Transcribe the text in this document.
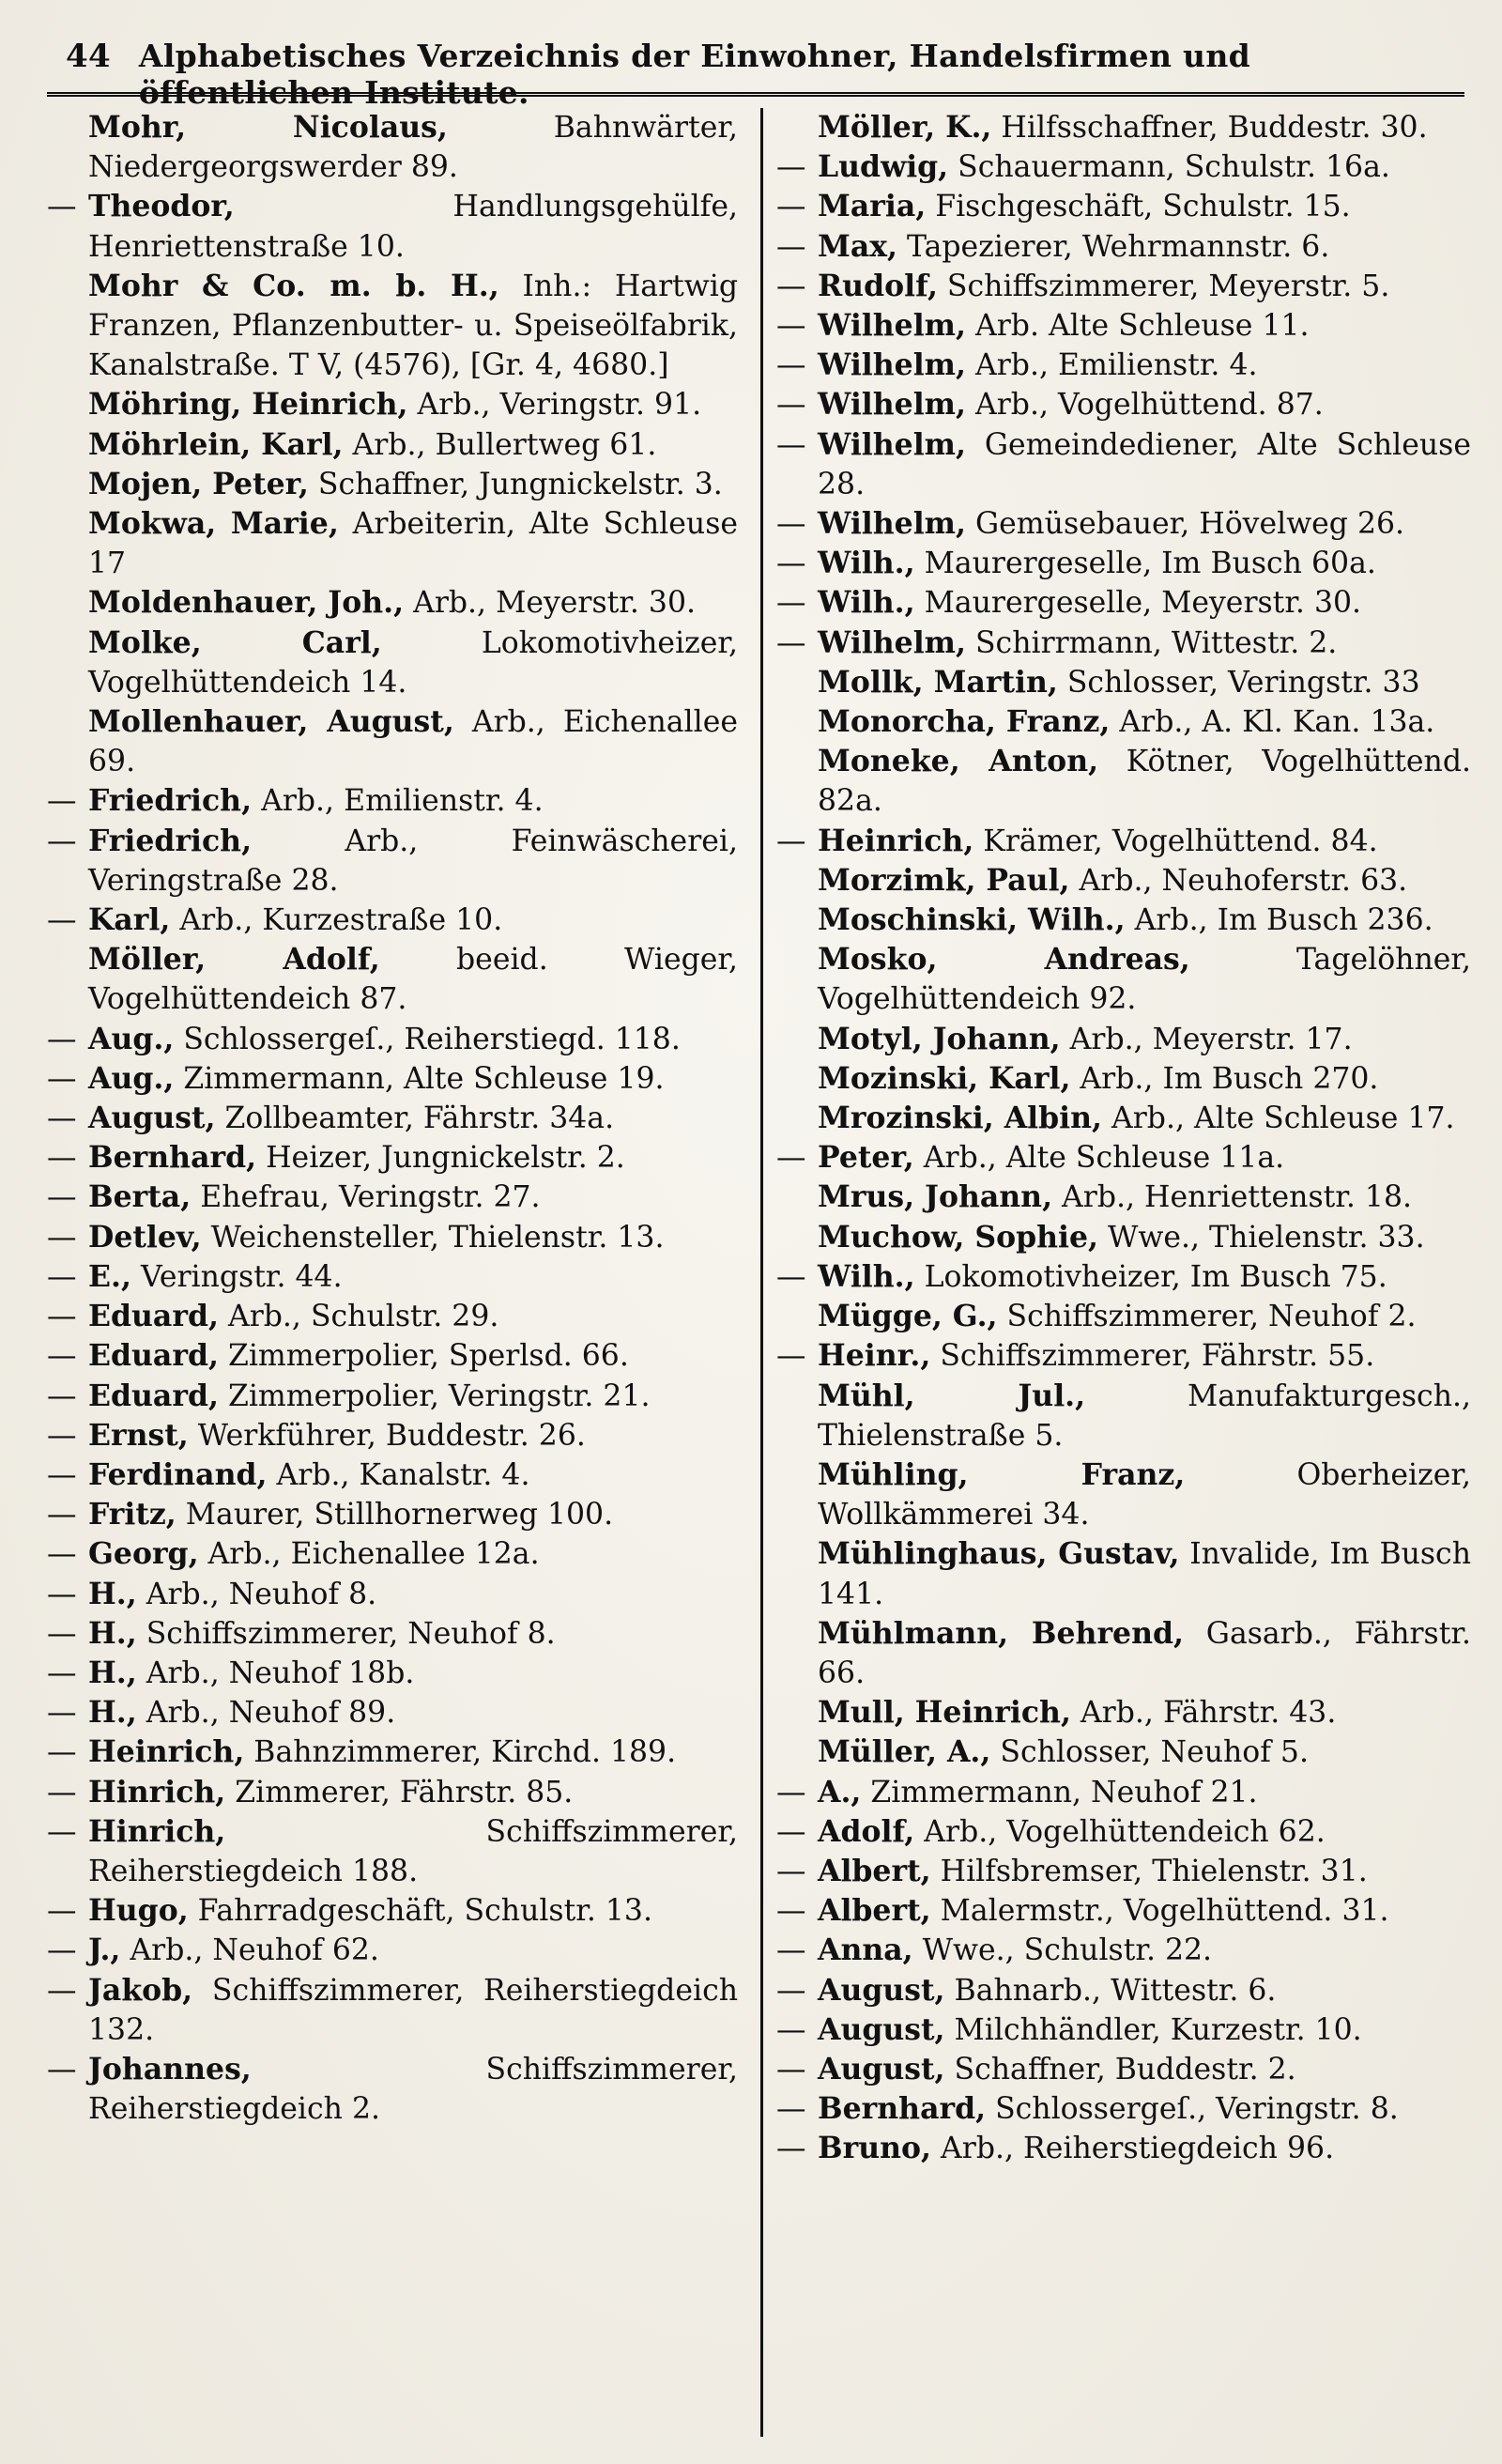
44 Alphabetisches Verzeichnis der Einwohner, Handelsfirmen und öffentlichen Institute.
Mohr, Nicolaus, Bahnwärter, Niedergeorgswerder 89.
— Theodor, Handlungsgehülfe, Henriettenstraße 10.
Mohr & Co. m. b. H., Inh.: Hartwig Franzen, Pflanzenbutter- u. Speiseölfabrik, Kanalstraße. T V, (4576), [Gr. 4, 4680.]
Möhring, Heinrich, Arb., Veringstr. 91.
Möhrlein, Karl, Arb., Bullertweg 61.
Mojen, Peter, Schaffner, Jungnickelstr. 3.
Mokwa, Marie, Arbeiterin, Alte Schleuse 17
Moldenhauer, Joh., Arb., Meyerstr. 30.
Molke, Carl, Lokomotivheizer, Vogelhüttendeich 14.
Mollenhauer, August, Arb., Eichenallee 69.
— Friedrich, Arb., Emilienstr. 4.
— Friedrich, Arb., Feinwäscherei, Veringstraße 28.
— Karl, Arb., Kurzestraße 10.
Möller, Adolf, beeid. Wieger, Vogelhüttendeich 87.
— Aug., Schlossergeſ., Reiherstiegd. 118.
— Aug., Zimmermann, Alte Schleuse 19.
— August, Zollbeamter, Fährstr. 34a.
— Bernhard, Heizer, Jungnickelstr. 2.
— Berta, Ehefrau, Veringstr. 27.
— Detlev, Weichensteller, Thielenstr. 13.
— E., Veringstr. 44.
— Eduard, Arb., Schulstr. 29.
— Eduard, Zimmerpolier, Sperlsd. 66.
— Eduard, Zimmerpolier, Veringstr. 21.
— Ernst, Werkführer, Buddestr. 26.
— Ferdinand, Arb., Kanalstr. 4.
— Fritz, Maurer, Stillhornerweg 100.
— Georg, Arb., Eichenallee 12a.
— H., Arb., Neuhof 8.
— H., Schiffszimmerer, Neuhof 8.
— H., Arb., Neuhof 18b.
— H., Arb., Neuhof 89.
— Heinrich, Bahnzimmerer, Kirchd. 189.
— Hinrich, Zimmerer, Fährstr. 85.
— Hinrich, Schiffszimmerer, Reiherstiegdeich 188.
— Hugo, Fahrradgeschäft, Schulstr. 13.
— J., Arb., Neuhof 62.
— Jakob, Schiffszimmerer, Reiherstiegdeich 132.
— Johannes, Schiffszimmerer, Reiherstiegdeich 2.
Möller, K., Hilfsschaffner, Buddestr. 30.
— Ludwig, Schauermann, Schulstr. 16a.
— Maria, Fischgeschäft, Schulstr. 15.
— Max, Tapezierer, Wehrmannstr. 6.
— Rudolf, Schiffszimmerer, Meyerstr. 5.
— Wilhelm, Arb. Alte Schleuse 11.
— Wilhelm, Arb., Emilienstr. 4.
— Wilhelm, Arb., Vogelhüttend. 87.
— Wilhelm, Gemeindediener, Alte Schleuse 28.
— Wilhelm, Gemüsebauer, Hövelweg 26.
— Wilh., Maurergeselle, Im Busch 60a.
— Wilh., Maurergeselle, Meyerstr. 30.
— Wilhelm, Schirrmann, Wittestr. 2.
Mollk, Martin, Schlosser, Veringstr. 33
Monorcha, Franz, Arb., A. Kl. Kan. 13a.
Moneke, Anton, Kötner, Vogelhüttend. 82a.
— Heinrich, Krämer, Vogelhüttend. 84.
Morzimk, Paul, Arb., Neuhoferstr. 63.
Moschinski, Wilh., Arb., Im Busch 236.
Mosko, Andreas, Tagelöhner, Vogelhüttendeich 92.
Motyl, Johann, Arb., Meyerstr. 17.
Mozinski, Karl, Arb., Im Busch 270.
Mrozinski, Albin, Arb., Alte Schleuse 17.
— Peter, Arb., Alte Schleuse 11a.
Mrus, Johann, Arb., Henriettenstr. 18.
Muchow, Sophie, Wwe., Thielenstr. 33.
— Wilh., Lokomotivheizer, Im Busch 75.
Mügge, G., Schiffszimmerer, Neuhof 2.
— Heinr., Schiffszimmerer, Fährstr. 55.
Mühl, Jul., Manufakturgesch., Thielenstraße 5.
Mühling, Franz, Oberheizer, Wollkämmerei 34.
Mühlinghaus, Gustav, Invalide, Im Busch 141.
Mühlmann, Behrend, Gasarb., Fährstr. 66.
Mull, Heinrich, Arb., Fährstr. 43.
Müller, A., Schlosser, Neuhof 5.
— A., Zimmermann, Neuhof 21.
— Adolf, Arb., Vogelhüttendeich 62.
— Albert, Hilfsbremser, Thielenstr. 31.
— Albert, Malermstr., Vogelhüttend. 31.
— Anna, Wwe., Schulstr. 22.
— August, Bahnarb., Wittestr. 6.
— August, Milchhändler, Kurzestr. 10.
— August, Schaffner, Buddestr. 2.
— Bernhard, Schlossergeſ., Veringstr. 8.
— Bruno, Arb., Reiherstiegdeich 96.
